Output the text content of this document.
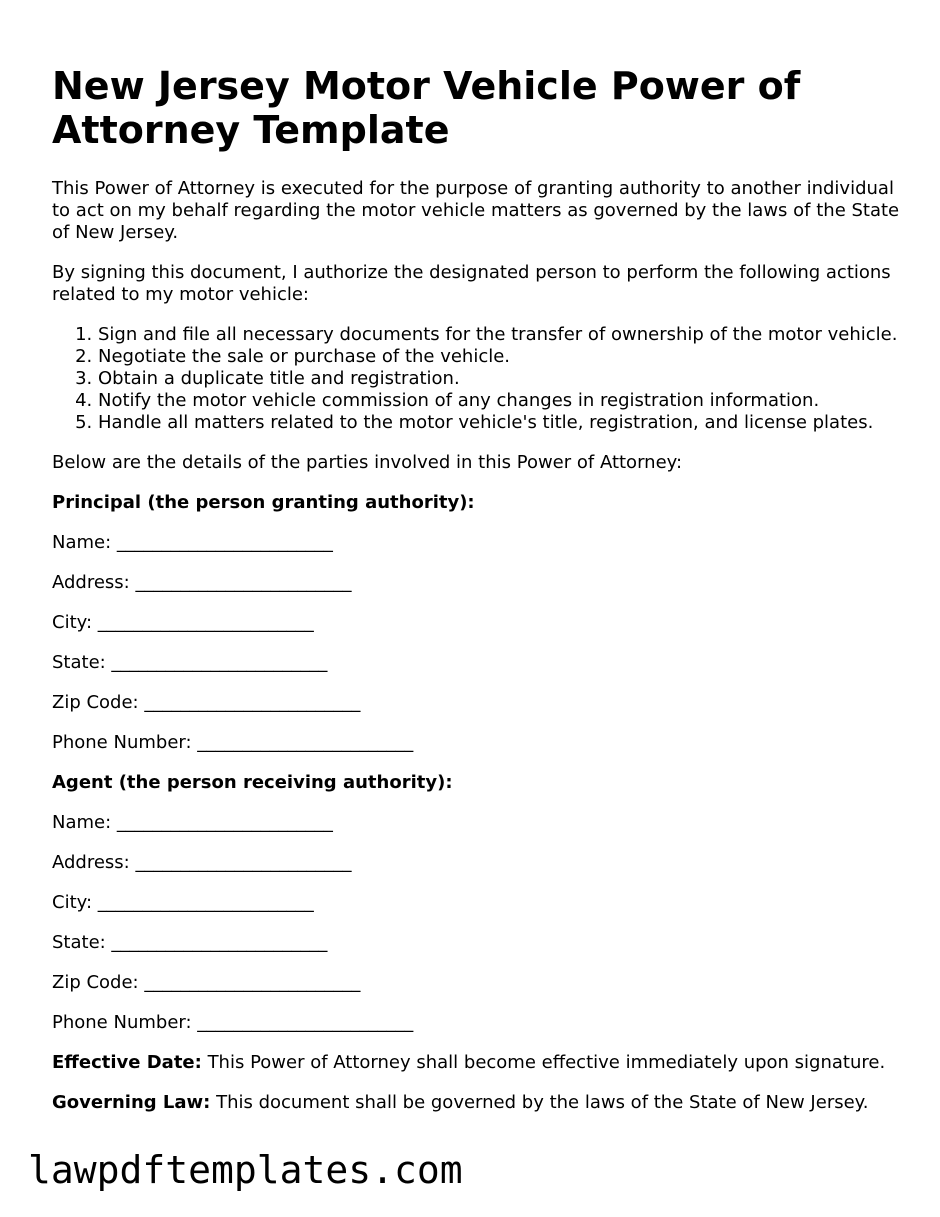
New Jersey Motor Vehicle Power of Attorney Template

This Power of Attorney is executed for the purpose of granting authority to another individual to act on my behalf regarding the motor vehicle matters as governed by the laws of the State of New Jersey.

By signing this document, I authorize the designated person to perform the following actions related to my motor vehicle:

1. Sign and file all necessary documents for the transfer of ownership of the motor vehicle.
2. Negotiate the sale or purchase of the vehicle.
3. Obtain a duplicate title and registration.
4. Notify the motor vehicle commission of any changes in registration information.
5. Handle all matters related to the motor vehicle's title, registration, and license plates.

Below are the details of the parties involved in this Power of Attorney:

Principal (the person granting authority):

Name: ________________________

Address: ________________________

City: ________________________

State: ________________________

Zip Code: ________________________

Phone Number: ________________________

Agent (the person receiving authority):

Name: ________________________

Address: ________________________

City: ________________________

State: ________________________

Zip Code: ________________________

Phone Number: ________________________

Effective Date: This Power of Attorney shall become effective immediately upon signature.

Governing Law: This document shall be governed by the laws of the State of New Jersey.

lawpdftemplates.com
